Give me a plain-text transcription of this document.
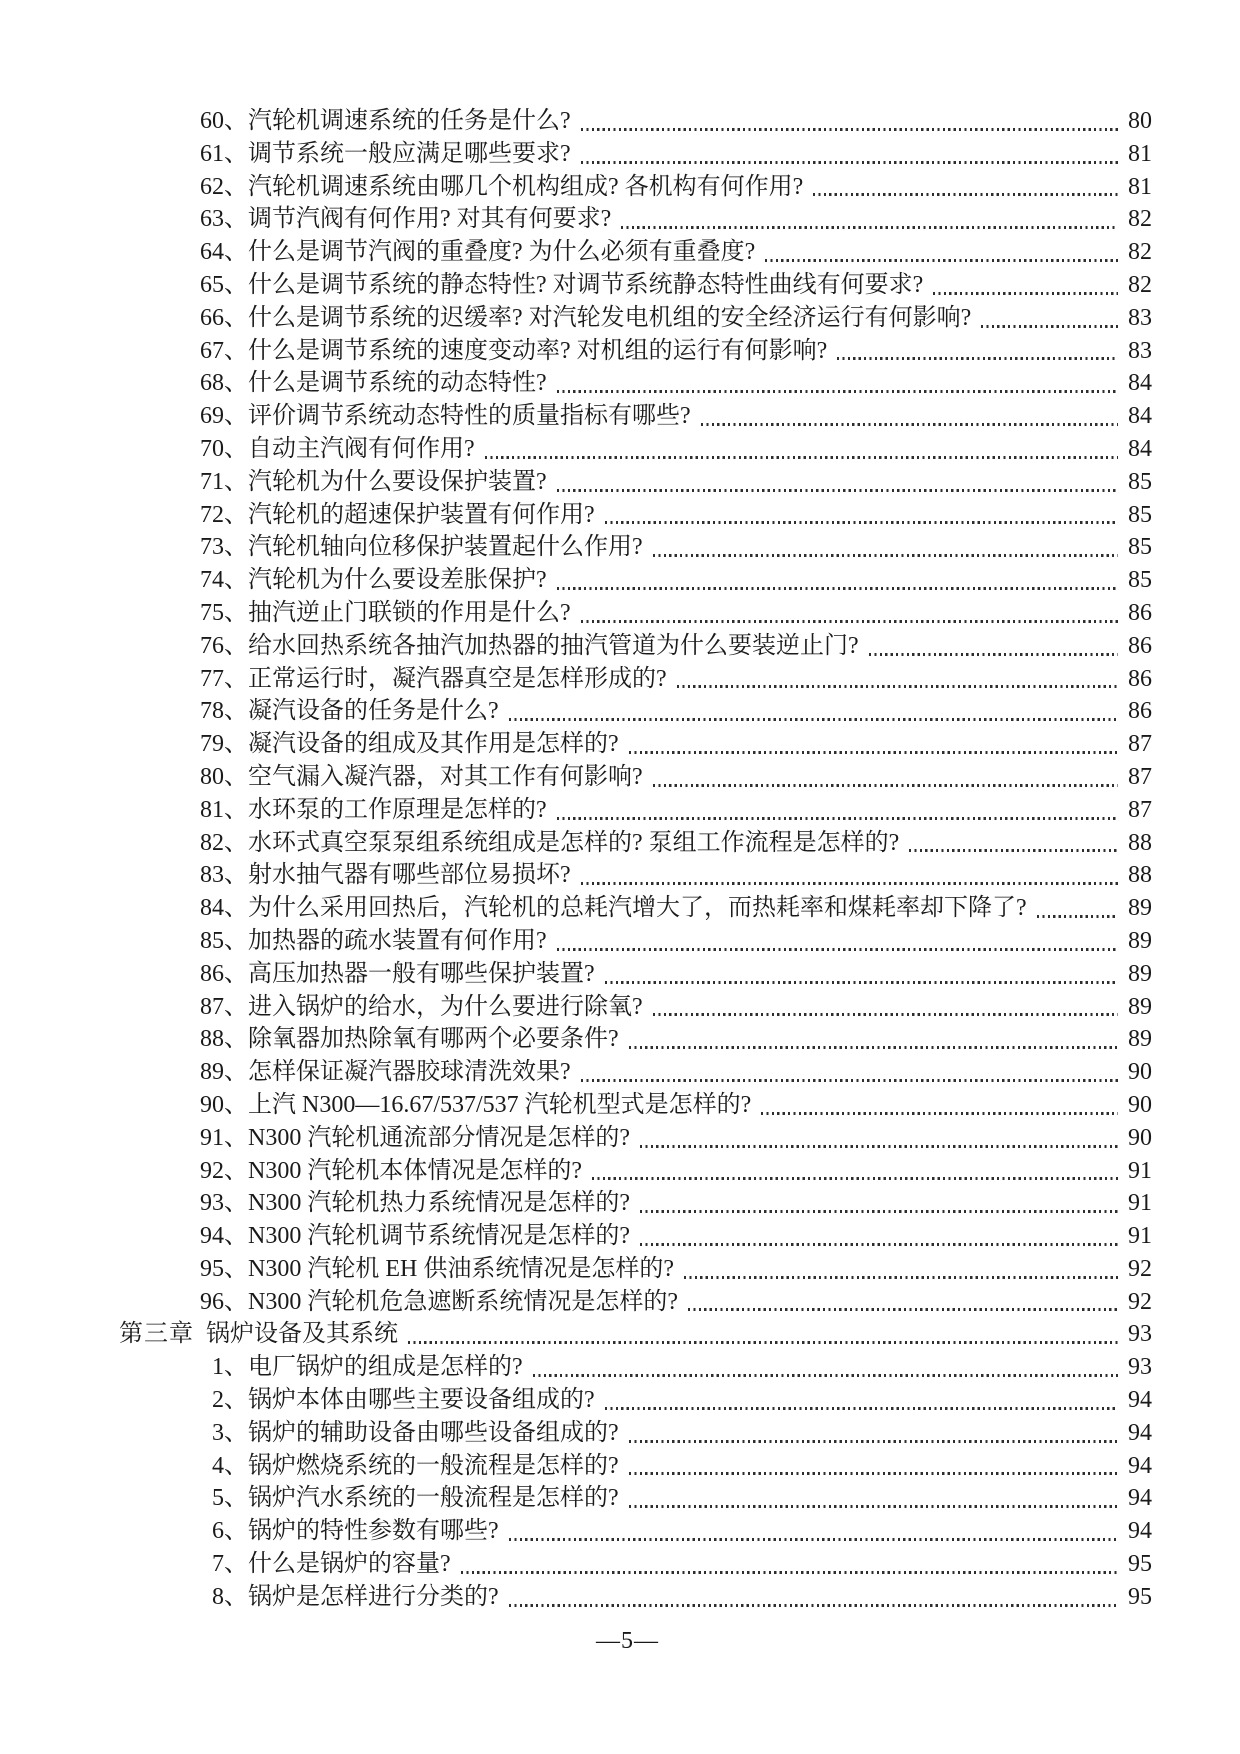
60、 汽轮机调速系统的任务是什么?	80
61、 调节系统一般应满足哪些要求?	81
62、 汽轮机调速系统由哪几个机构组成? 各机构有何作用?	81
63、 调节汽阀有何作用? 对其有何要求?	82
64、 什么是调节汽阀的重叠度? 为什么必须有重叠度?	82
65、 什么是调节系统的静态特性? 对调节系统静态特性曲线有何要求?	82
66、 什么是调节系统的迟缓率? 对汽轮发电机组的安全经济运行有何影响?	83
67、 什么是调节系统的速度变动率? 对机组的运行有何影响?	83
68、 什么是调节系统的动态特性?	84
69、 评价调节系统动态特性的质量指标有哪些?	84
70、 自动主汽阀有何作用?	84
71、 汽轮机为什么要设保护装置?	85
72、 汽轮机的超速保护装置有何作用?	85
73、 汽轮机轴向位移保护装置起什么作用?	85
74、 汽轮机为什么要设差胀保护?	85
75、 抽汽逆止门联锁的作用是什么?	86
76、 给水回热系统各抽汽加热器的抽汽管道为什么要装逆止门?	86
77、 正常运行时，凝汽器真空是怎样形成的?	86
78、 凝汽设备的任务是什么?	86
79、 凝汽设备的组成及其作用是怎样的?	87
80、 空气漏入凝汽器，对其工作有何影响?	87
81、 水环泵的工作原理是怎样的?	87
82、 水环式真空泵泵组系统组成是怎样的? 泵组工作流程是怎样的?	88
83、 射水抽气器有哪些部位易损坏?	88
84、 为什么采用回热后，汽轮机的总耗汽增大了，而热耗率和煤耗率却下降了?	89
85、 加热器的疏水装置有何作用?	89
86、 高压加热器一般有哪些保护装置?	89
87、 进入锅炉的给水，为什么要进行除氧?	89
88、 除氧器加热除氧有哪两个必要条件?	89
89、 怎样保证凝汽器胶球清洗效果?	90
90、 上汽 N300—16.67/537/537 汽轮机型式是怎样的?	90
91、 N300 汽轮机通流部分情况是怎样的?	90
92、 N300 汽轮机本体情况是怎样的?	91
93、 N300 汽轮机热力系统情况是怎样的?	91
94、 N300 汽轮机调节系统情况是怎样的?	91
95、 N300 汽轮机 EH 供油系统情况是怎样的?	92
96、 N300 汽轮机危急遮断系统情况是怎样的?	92
第三章 锅炉设备及其系统	93
1、 电厂锅炉的组成是怎样的?	93
2、 锅炉本体由哪些主要设备组成的?	94
3、 锅炉的辅助设备由哪些设备组成的?	94
4、 锅炉燃烧系统的一般流程是怎样的?	94
5、 锅炉汽水系统的一般流程是怎样的?	94
6、 锅炉的特性参数有哪些?	94
7、 什么是锅炉的容量?	95
8、 锅炉是怎样进行分类的?	95
—5—
